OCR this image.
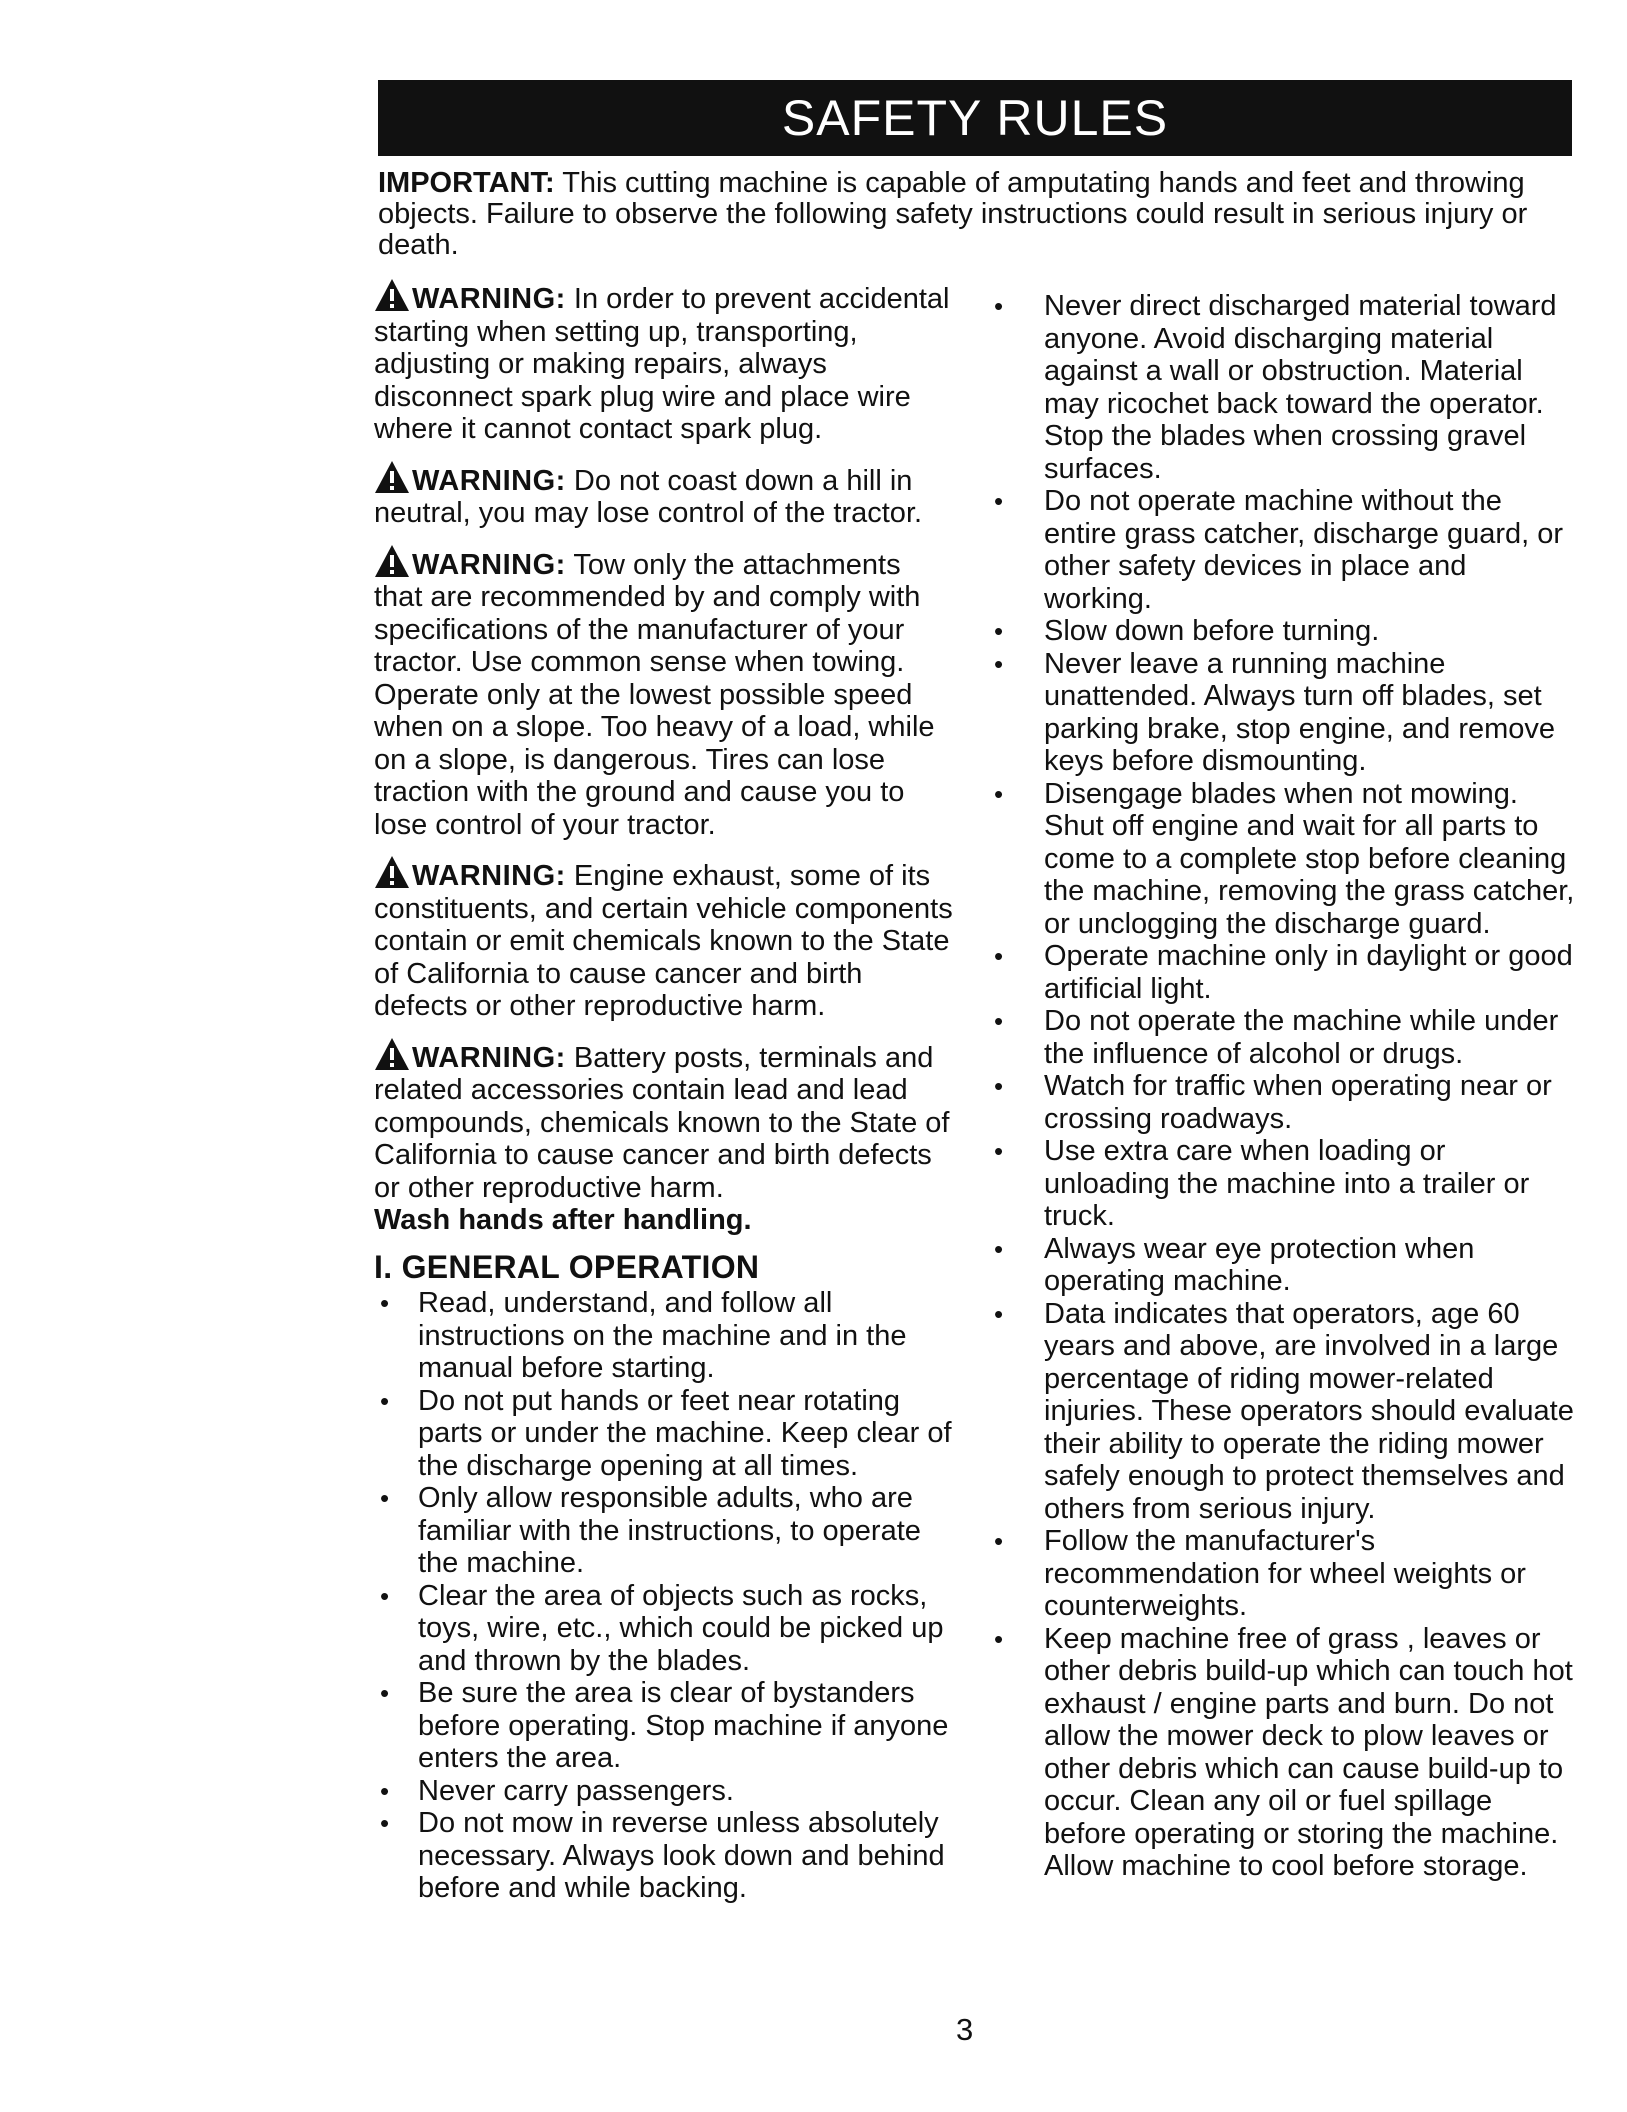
SAFETY RULES
IMPORTANT: This cutting machine is capable of amputating hands and feet and throwing objects. Failure to observe the following safety instructions could result in serious injury or death.
WARNING: In order to prevent accidental starting when setting up, transporting, adjusting or making repairs, always disconnect spark plug wire and place wire where it cannot contact spark plug.
WARNING: Do not coast down a hill in neutral, you may lose control of the tractor.
WARNING: Tow only the attachments that are recommended by and comply with specifications of the manufacturer of your tractor. Use common sense when towing. Operate only at the lowest possible speed when on a slope. Too heavy of a load, while on a slope, is dangerous. Tires can lose traction with the ground and cause you to lose control of your tractor.
WARNING: Engine exhaust, some of its constituents, and certain vehicle components contain or emit chemicals known to the State of California to cause cancer and birth defects or other reproductive harm.
WARNING: Battery posts, terminals and related accessories contain lead and lead compounds, chemicals known to the State of California to cause cancer and birth defects or other reproductive harm.
Wash hands after handling.
I. GENERAL OPERATION
• Read, understand, and follow all instructions on the machine and in the manual before starting.
• Do not put hands or feet near rotating parts or under the machine. Keep clear of the discharge opening at all times.
• Only allow responsible adults, who are familiar with the instructions, to operate the machine.
• Clear the area of objects such as rocks, toys, wire, etc., which could be picked up and thrown by the blades.
• Be sure the area is clear of bystanders before operating. Stop machine if anyone enters the area.
• Never carry passengers.
• Do not mow in reverse unless absolutely necessary. Always look down and behind before and while backing.
• Never direct discharged material toward anyone. Avoid discharging material against a wall or obstruction. Material may ricochet back toward the operator. Stop the blades when crossing gravel surfaces.
• Do not operate machine without the entire grass catcher, discharge guard, or other safety devices in place and working.
• Slow down before turning.
• Never leave a running machine unattended. Always turn off blades, set parking brake, stop engine, and remove keys before dismounting.
• Disengage blades when not mowing. Shut off engine and wait for all parts to come to a complete stop before cleaning the machine, removing the grass catcher, or unclogging the discharge guard.
• Operate machine only in daylight or good artificial light.
• Do not operate the machine while under the influence of alcohol or drugs.
• Watch for traffic when operating near or crossing roadways.
• Use extra care when loading or unloading the machine into a trailer or truck.
• Always wear eye protection when operating machine.
• Data indicates that operators, age 60 years and above, are involved in a large percentage of riding mower-related injuries. These operators should evaluate their ability to operate the riding mower safely enough to protect themselves and others from serious injury.
• Follow the manufacturer's recommendation for wheel weights or counterweights.
• Keep machine free of grass , leaves or other debris build-up which can touch hot exhaust / engine parts and burn. Do not allow the mower deck to plow leaves or other debris which can cause build-up to occur. Clean any oil or fuel spillage before operating or storing the machine. Allow machine to cool before storage.
3
